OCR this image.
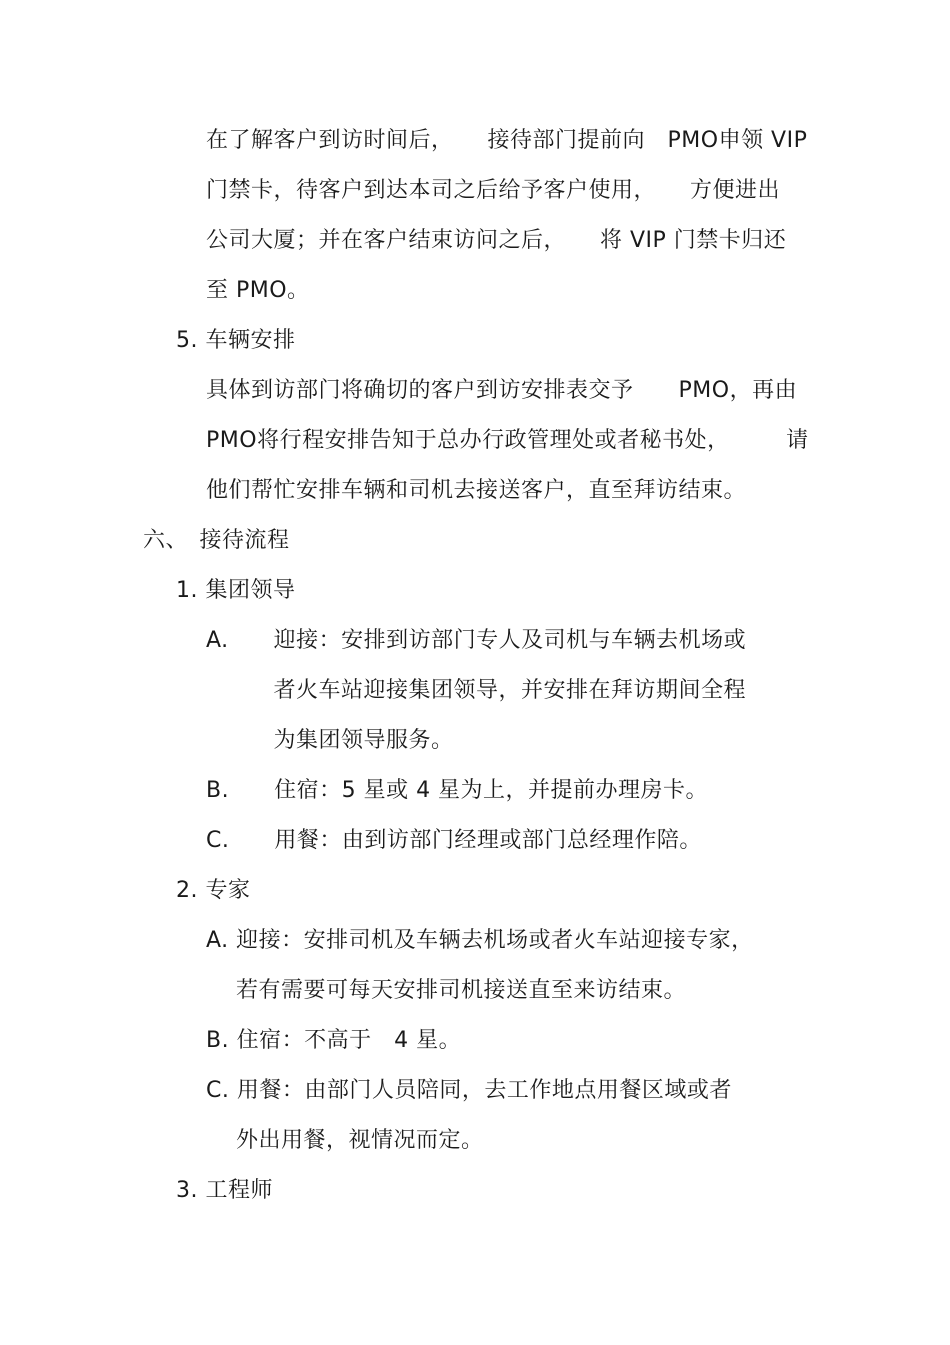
在了解客户到访时间后，　　接待部门提前向　PMO申领 VIP
门禁卡，待客户到达本司之后给予客户使用，　　方便进出
公司大厦；并在客户结束访问之后，　　将 VIP 门禁卡归还
至 PMO。
5. 车辆安排
具体到访部门将确切的客户到访安排表交予　　PMO，再由
PMO将行程安排告知于总办行政管理处或者秘书处，　　　请
他们帮忙安排车辆和司机去接送客户，直至拜访结束。
六、　接待流程
1. 集团领导
A.　　迎接：安排到访部门专人及司机与车辆去机场或
　　　者火车站迎接集团领导，并安排在拜访期间全程
　　　为集团领导服务。
B.　　住宿：5 星或 4 星为上，并提前办理房卡。
C.　　用餐：由到访部门经理或部门总经理作陪。
2. 专家
A. 迎接：安排司机及车辆去机场或者火车站迎接专家，
　 若有需要可每天安排司机接送直至来访结束。
B. 住宿：不高于　4 星。
C. 用餐：由部门人员陪同，去工作地点用餐区域或者
　 外出用餐，视情况而定。
3. 工程师
